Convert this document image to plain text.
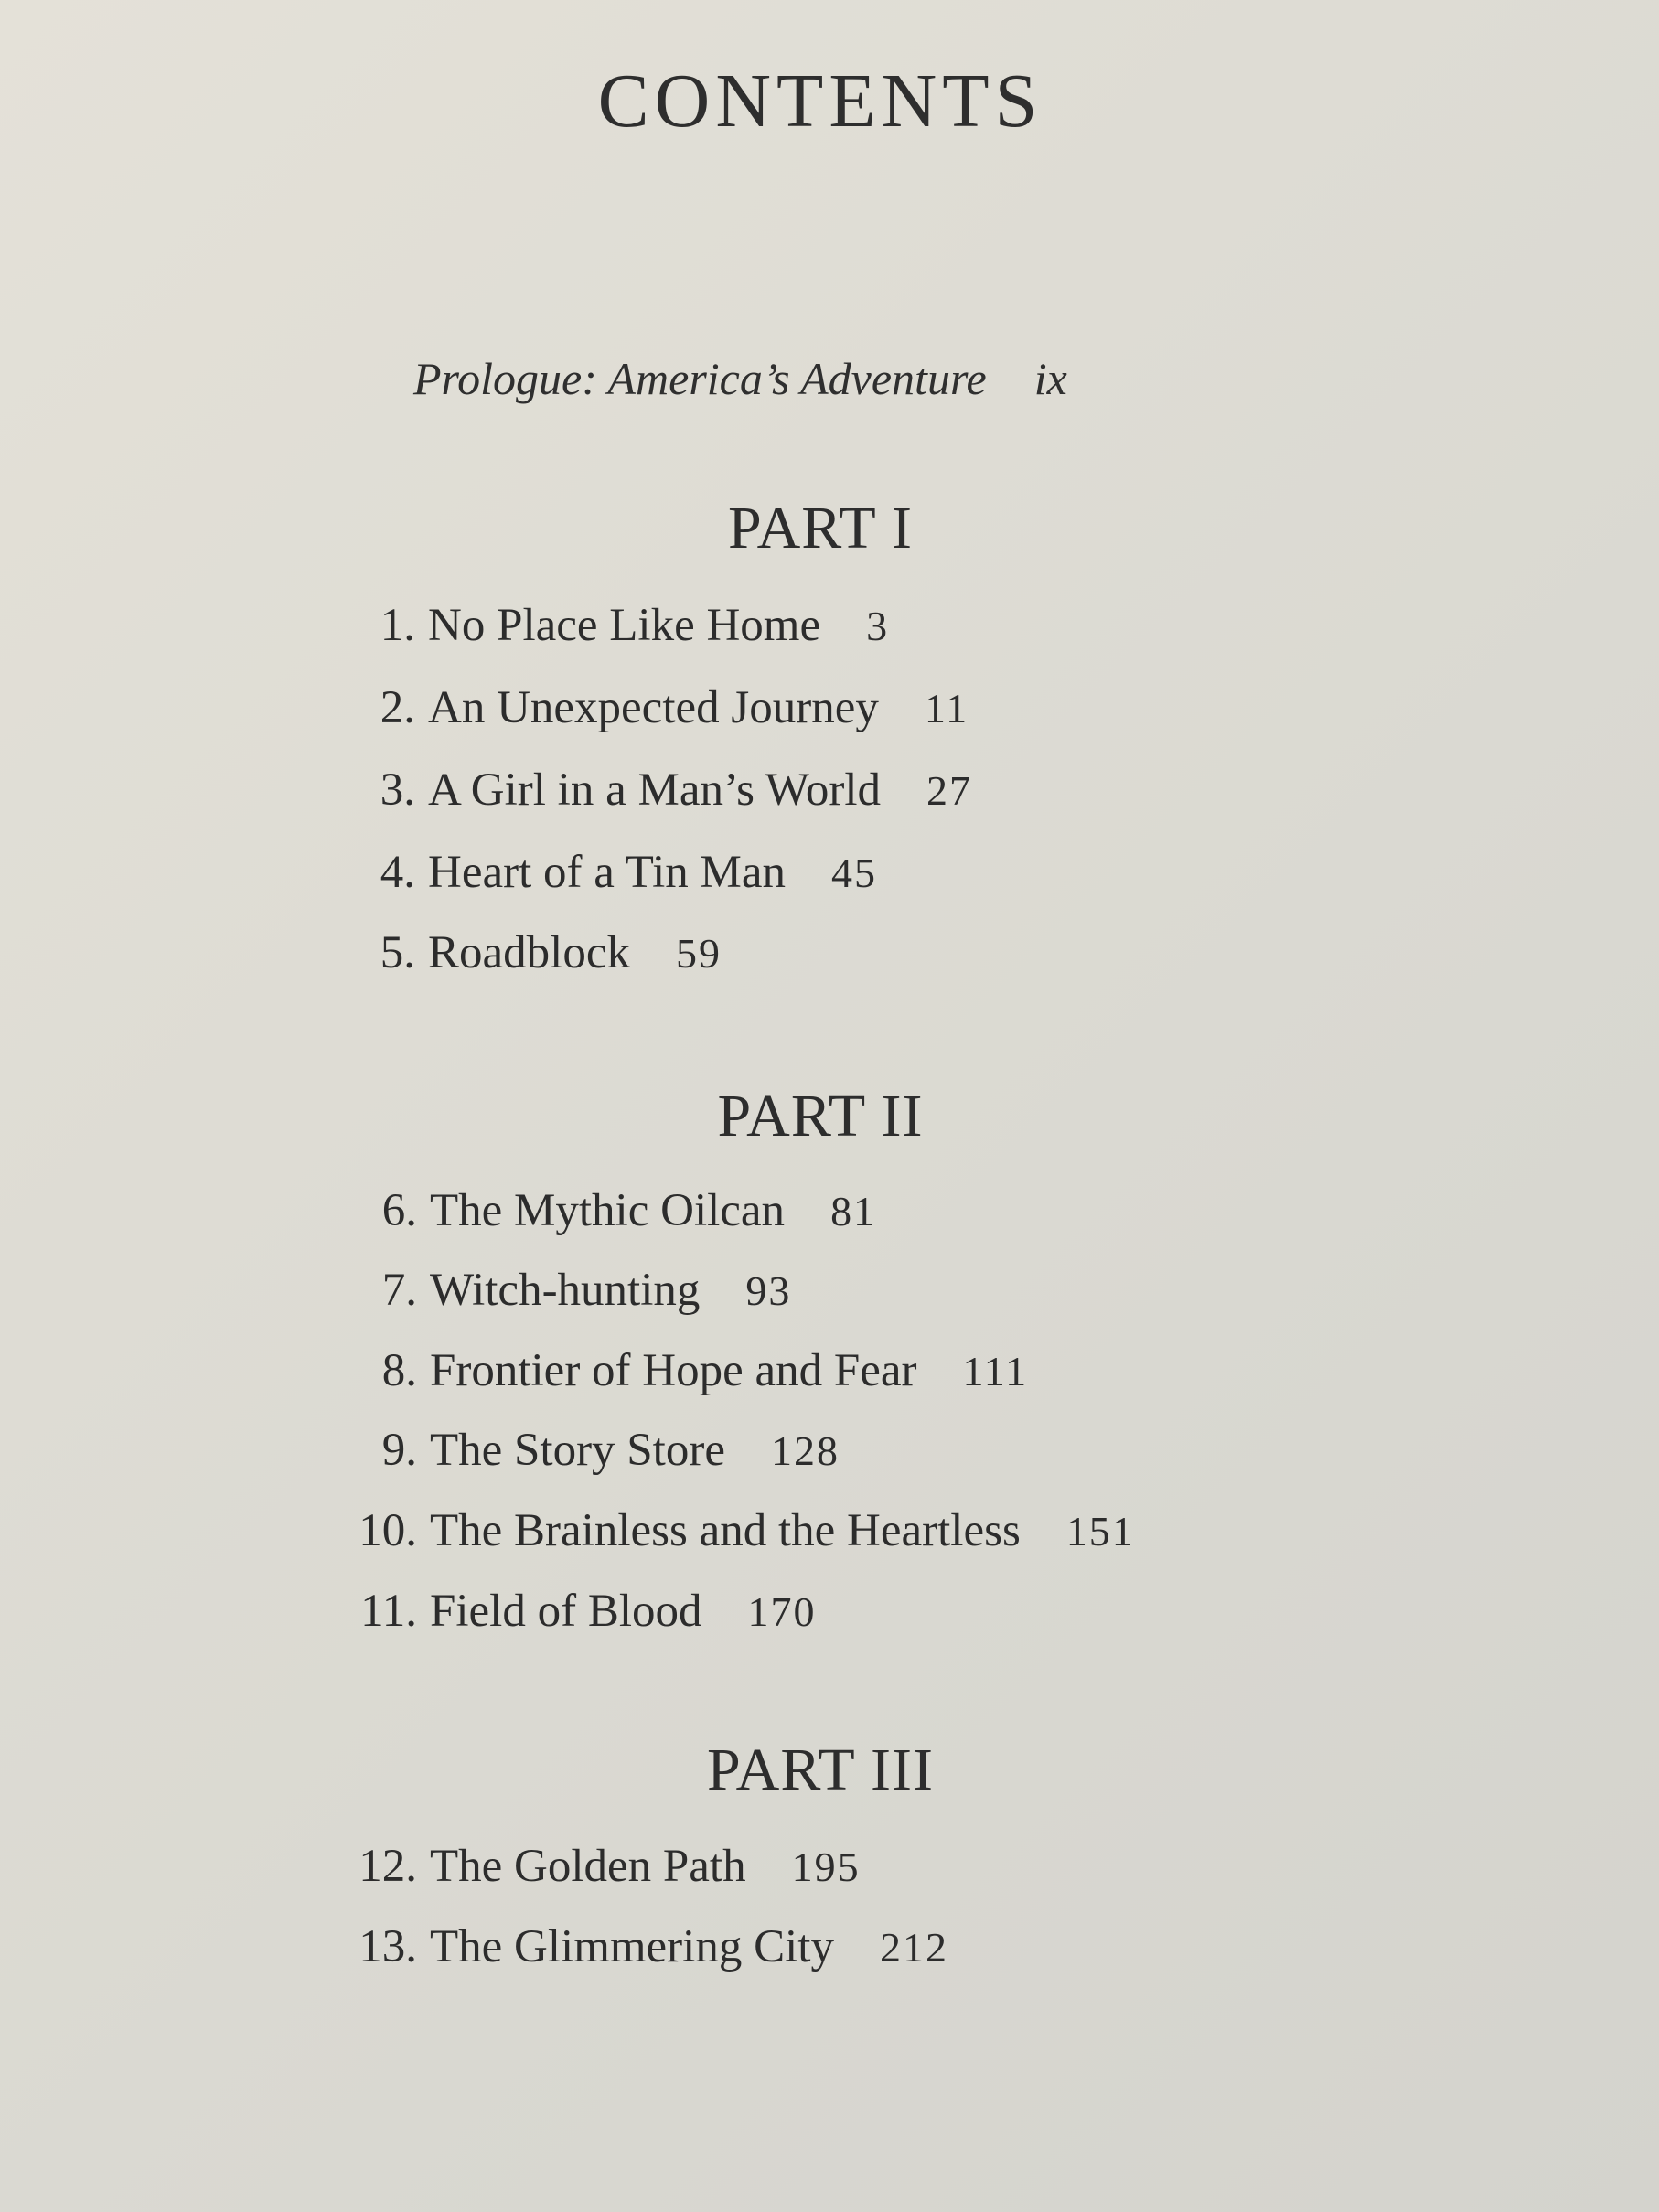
CONTENTS
Prologue: America’s Adventure ix
PART I
1. No Place Like Home 3
2. An Unexpected Journey 11
3. A Girl in a Man’s World 27
4. Heart of a Tin Man 45
5. Roadblock 59
PART II
6. The Mythic Oilcan 81
7. Witch-hunting 93
8. Frontier of Hope and Fear 111
9. The Story Store 128
10. The Brainless and the Heartless 151
11. Field of Blood 170
PART III
12. The Golden Path 195
13. The Glimmering City 212
